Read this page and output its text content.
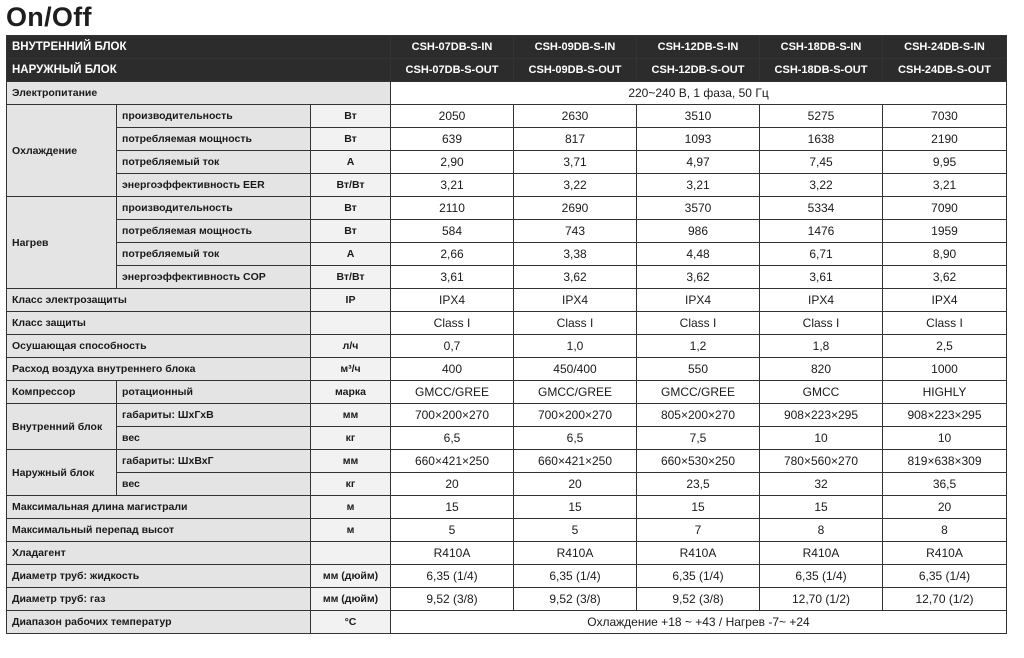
On/Off
ВНУТРЕННИЙ БЛОК			CSH-07DB-S-IN	CSH-09DB-S-IN	CSH-12DB-S-IN	CSH-18DB-S-IN	CSH-24DB-S-IN
НАРУЖНЫЙ БЛОК			CSH-07DB-S-OUT	CSH-09DB-S-OUT	CSH-12DB-S-OUT	CSH-18DB-S-OUT	CSH-24DB-S-OUT
Электропитание			220~240 В, 1 фаза, 50 Гц				
Охлаждение	производительность	Вт	2050	2630	3510	5275	7030
	потребляемая мощность	Вт	639	817	1093	1638	2190
	потребляемый ток	А	2,90	3,71	4,97	7,45	9,95
	энергоэффективность EER	Вт/Вт	3,21	3,22	3,21	3,22	3,21
Нагрев	производительность	Вт	2110	2690	3570	5334	7090
	потребляемая мощность	Вт	584	743	986	1476	1959
	потребляемый ток	А	2,66	3,38	4,48	6,71	8,90
	энергоэффективность COP	Вт/Вт	3,61	3,62	3,62	3,61	3,62
Класс электрозащиты		IP	IPX4	IPX4	IPX4	IPX4	IPX4
Класс защиты			Class I	Class I	Class I	Class I	Class I
Осушающая способность		л/ч	0,7	1,0	1,2	1,8	2,5
Расход воздуха внутреннего блока		м³/ч	400	450/400	550	820	1000
Компрессор	ротационный	марка	GMCC/GREE	GMCC/GREE	GMCC/GREE	GMCC	HIGHLY
Внутренний блок	габариты: ШхГхВ	мм	700×200×270	700×200×270	805×200×270	908×223×295	908×223×295
	вес	кг	6,5	6,5	7,5	10	10
Наружный блок	габариты: ШхВхГ	мм	660×421×250	660×421×250	660×530×250	780×560×270	819×638×309
	вес	кг	20	20	23,5	32	36,5
Максимальная длина магистрали		м	15	15	15	15	20
Максимальный перепад высот		м	5	5	7	8	8
Хладагент			R410A	R410A	R410A	R410A	R410A
Диаметр труб: жидкость		мм (дюйм)	6,35 (1/4)	6,35 (1/4)	6,35 (1/4)	6,35 (1/4)	6,35 (1/4)
Диаметр труб: газ		мм (дюйм)	9,52 (3/8)	9,52 (3/8)	9,52 (3/8)	12,70 (1/2)	12,70 (1/2)
Диапазон рабочих температур		°С	Охлаждение +18 ~ +43 / Нагрев -7~ +24				
